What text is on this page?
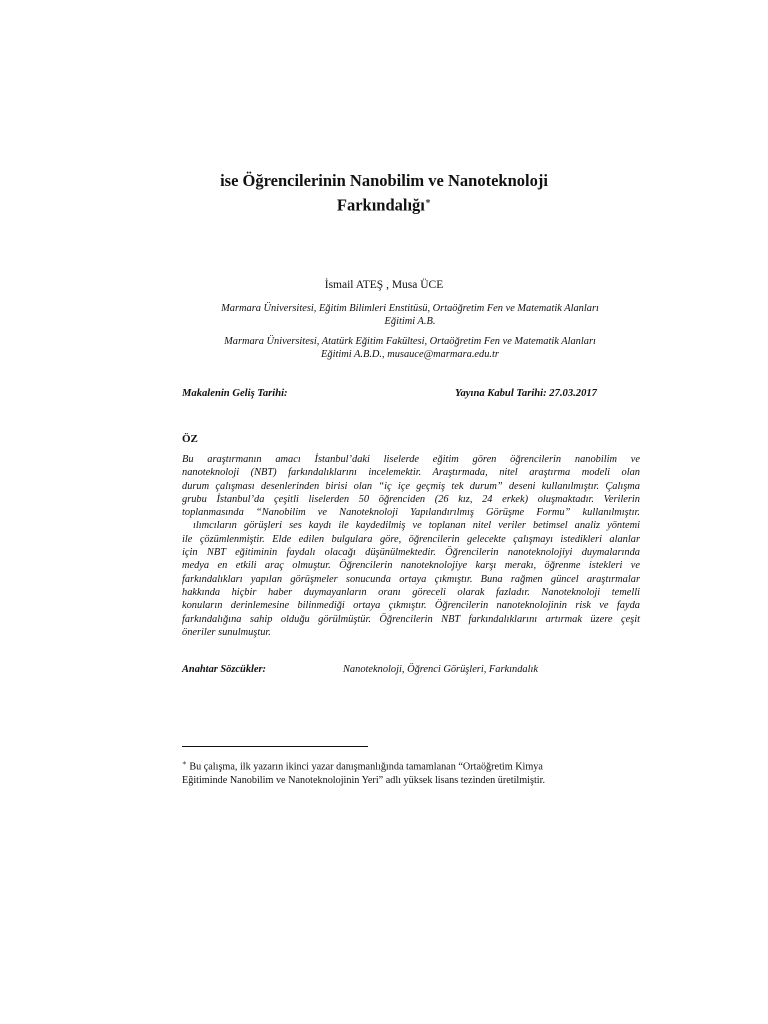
ise Öğrencilerinin Nanobilim ve Nanoteknoloji
Farkındalığı∗
İsmail ATEŞ , Musa ÜCE
Marmara Üniversitesi, Eğitim Bilimleri Enstitüsü, Ortaöğretim Fen ve Matematik Alanları
Eğitimi A.B.
Marmara Üniversitesi, Atatürk Eğitim Fakültesi, Ortaöğretim Fen ve Matematik Alanları
Eğitimi A.B.D., musauce@marmara.edu.tr
Makalenin Geliş Tarihi:	Yayına Kabul Tarihi: 27.03.2017
ÖZ
Bu araştırmanın amacı İstanbul’daki liselerde eğitim gören öğrencilerin nanobilim ve
nanoteknoloji (NBT) farkındalıklarını incelemektir. Araştırmada, nitel araştırma modeli olan
durum çalışması desenlerinden birisi olan “iç içe geçmiş tek durum” deseni kullanılmıştır. Çalışma
grubu İstanbul’da çeşitli liselerden 50 öğrenciden (26 kız, 24 erkek) oluşmaktadır. Verilerin
toplanmasında “Nanobilim ve Nanoteknoloji Yapılandırılmış Görüşme Formu” kullanılmıştır.
ılımcıların görüşleri ses kaydı ile kaydedilmiş ve toplanan nitel veriler betimsel analiz yöntemi
ile çözümlenmiştir. Elde edilen bulgulara göre, öğrencilerin gelecekte çalışmayı istedikleri alanlar
için NBT eğitiminin faydalı olacağı düşünülmektedir. Öğrencilerin nanoteknolojiyi duymalarında
medya en etkili araç olmuştur. Öğrencilerin nanoteknolojiye karşı merakı, öğrenme istekleri ve
farkındalıkları yapılan görüşmeler sonucunda ortaya çıkmıştır. Buna rağmen güncel araştırmalar
hakkında hiçbir haber duymayanların oranı göreceli olarak fazladır. Nanoteknoloji temelli
konuların derinlemesine bilinmediği ortaya çıkmıştır. Öğrencilerin nanoteknolojinin risk ve fayda
farkındalığına sahip olduğu görülmüştür. Öğrencilerin NBT farkındalıklarını artırmak üzere çeşit
öneriler sunulmuştur.
Anahtar Sözcükler:	Nanoteknoloji, Öğrenci Görüşleri, Farkındalık
∗ Bu çalışma, ilk yazarın ikinci yazar danışmanlığında tamamlanan “Ortaöğretim Kimya
Eğitiminde Nanobilim ve Nanoteknolojinin Yeri” adlı yüksek lisans tezinden üretilmiştir.
